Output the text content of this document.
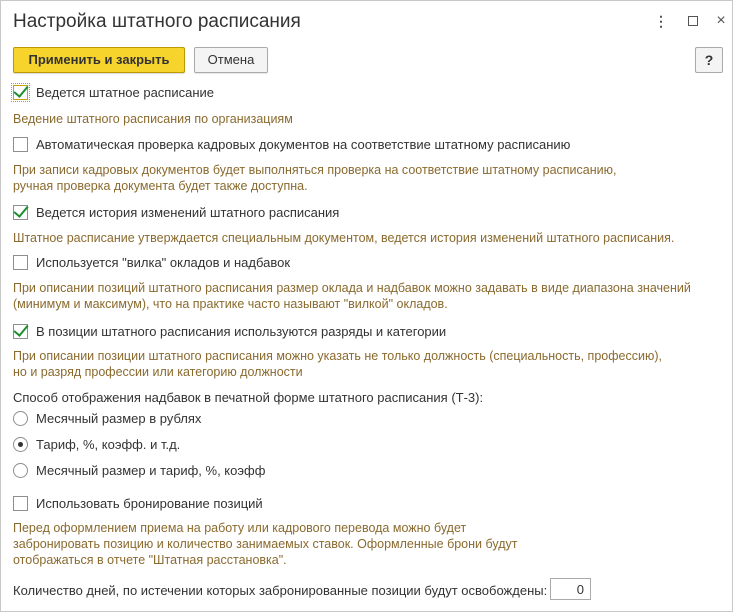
Настройка штатного расписания	⋮	×
Применить и закрыть	Отмена	?
Ведется штатное расписание
Ведение штатного расписания по организациям
Автоматическая проверка кадровых документов на соответствие штатному расписанию
При записи кадровых документов будет выполняться проверка на соответствие штатному расписанию,
ручная проверка документа будет также доступна.
Ведется история изменений штатного расписания
Штатное расписание утверждается специальным документом, ведется история изменений штатного расписания.
Используется "вилка" окладов и надбавок
При описании позиций штатного расписания размер оклада и надбавок можно задавать в виде диапазона значений
(минимум и максимум), что на практике часто называют "вилкой" окладов.
В позиции штатного расписания используются разряды и категории
При описании позиции штатного расписания можно указать не только должность (специальность, профессию),
но и разряд профессии или категорию должности
Способ отображения надбавок в печатной форме штатного расписания (Т-3):
Месячный размер в рублях
Тариф, %, коэфф. и т.д.
Месячный размер и тариф, %, коэфф
Использовать бронирование позиций
Перед оформлением приема на работу или кадрового перевода можно будет
забронировать позицию и количество занимаемых ставок. Оформленные брони будут
отображаться в отчете "Штатная расстановка".
Количество дней, по истечении которых забронированные позиции будут освобождены:
0
